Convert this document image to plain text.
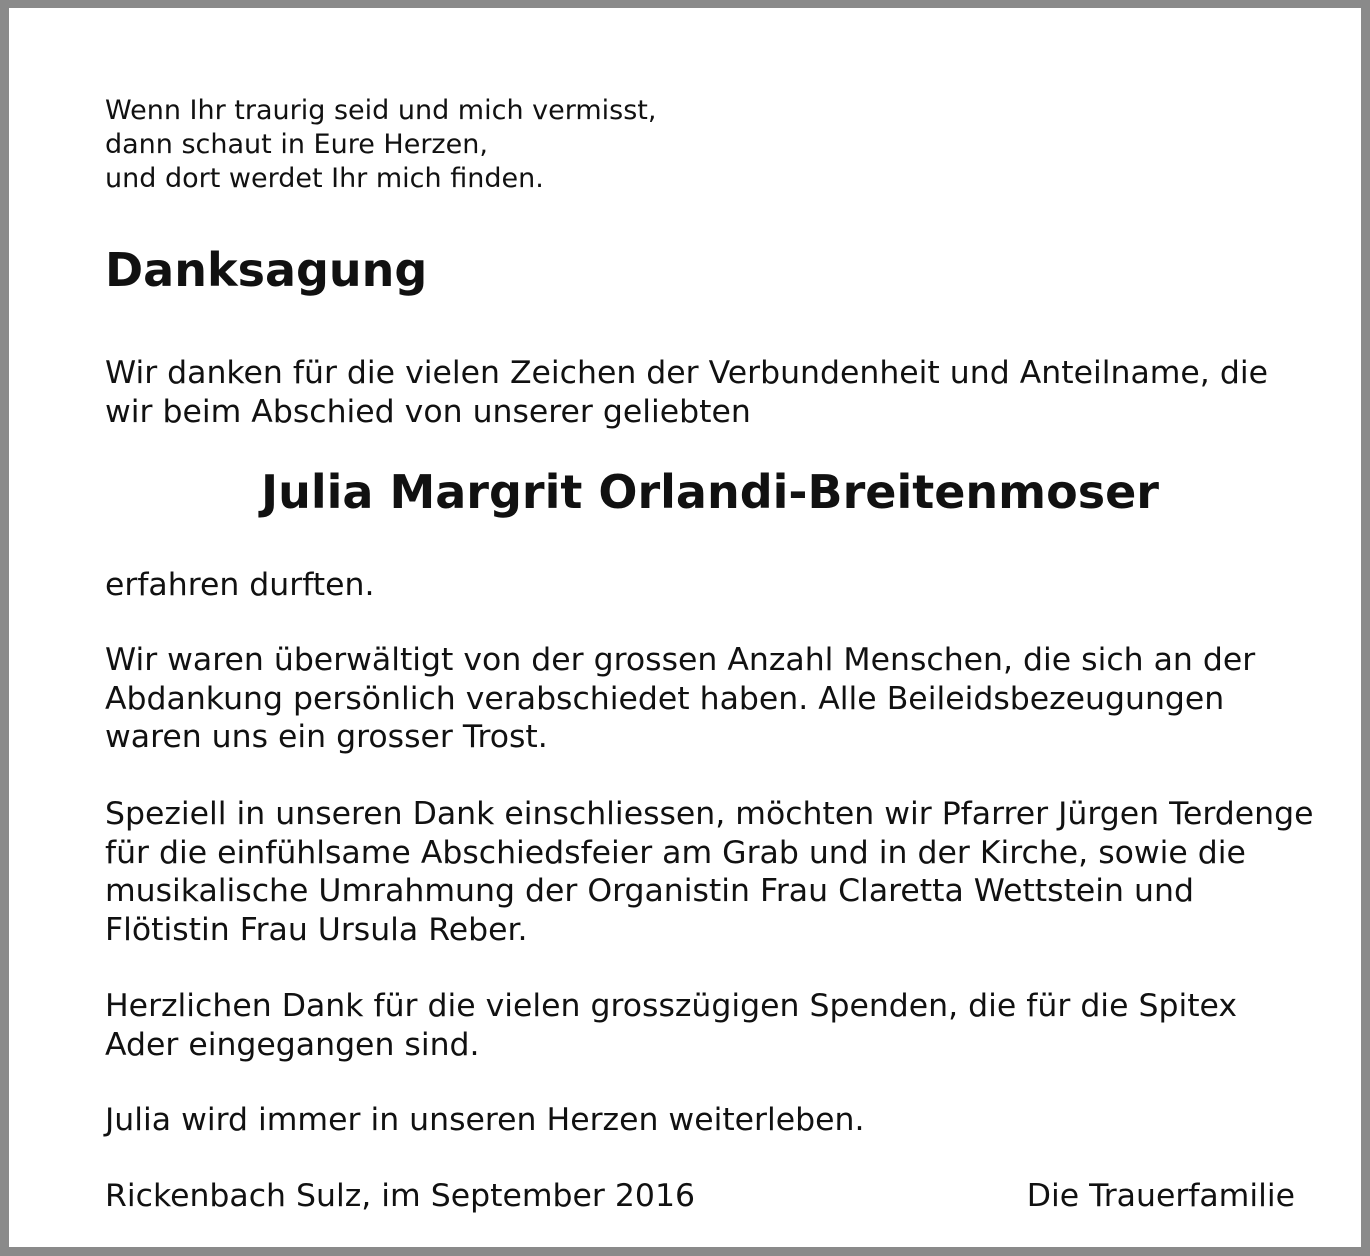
Wenn Ihr traurig seid und mich vermisst,
dann schaut in Eure Herzen,
und dort werdet Ihr mich finden.
Danksagung

Wir danken für die vielen Zeichen der Verbundenheit und Anteilname, die wir beim Abschied von unserer geliebten

Julia Margrit Orlandi-Breitenmoser

erfahren durften.

Wir waren überwältigt von der grossen Anzahl Menschen, die sich an der Abdankung persönlich verabschiedet haben. Alle Beileidsbezeugungen waren uns ein grosser Trost.

Speziell in unseren Dank einschliessen, möchten wir Pfarrer Jürgen Terdenge für die einfühlsame Abschiedsfeier am Grab und in der Kirche, sowie die musikalische Umrahmung der Organistin Frau Claretta Wettstein und Flötistin Frau Ursula Reber.

Herzlichen Dank für die vielen grosszügigen Spenden, die für die Spitex Ader eingegangen sind.

Julia wird immer in unseren Herzen weiterleben.

Rickenbach Sulz, im September 2016	Die Trauerfamilie
